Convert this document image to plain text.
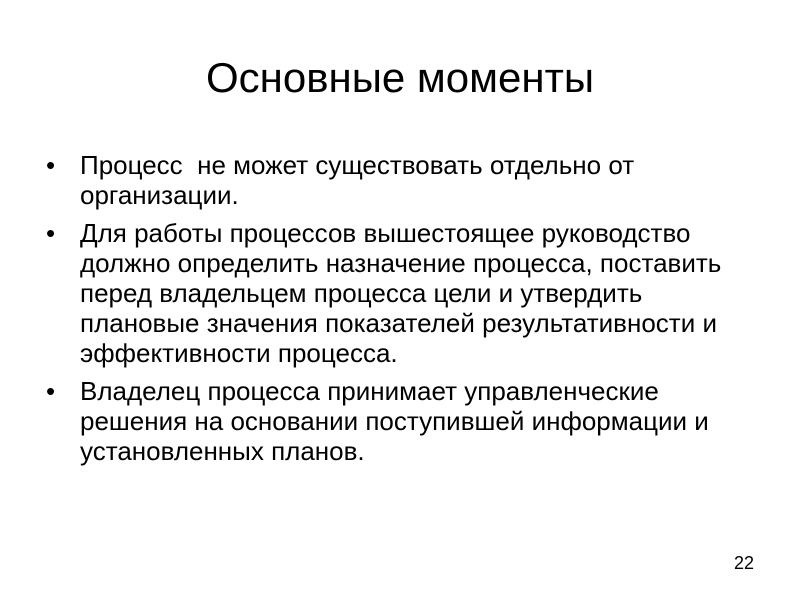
Основные моменты
• Процесс  не может существовать отдельно от организации.
• Для работы процессов вышестоящее руководство должно определить назначение процесса, поставить перед владельцем процесса цели и утвердить плановые значения показателей результативности и эффективности процесса.
• Владелец процесса принимает управленческие решения на основании поступившей информации и установленных планов.
22
